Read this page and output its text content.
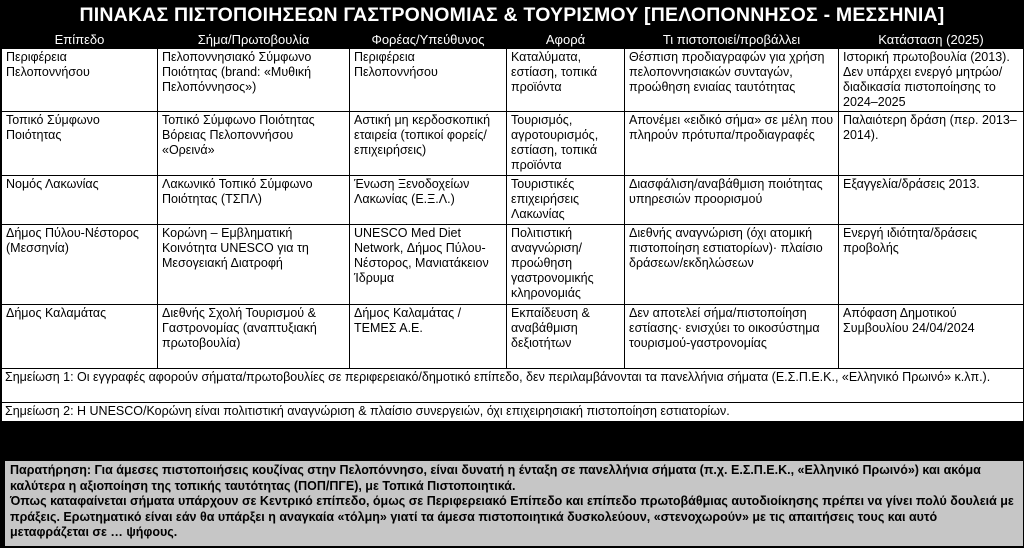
ΠΙΝΑΚΑΣ ΠΙΣΤΟΠΟΙΗΣΕΩΝ ΓΑΣΤΡΟΝΟΜΙΑΣ & ΤΟΥΡΙΣΜΟΥ [ΠΕΛΟΠΟΝΝΗΣΟΣ - ΜΕΣΣΗΝΙΑ]
Επίπεδο	Σήμα/Πρωτοβουλία	Φορέας/Υπεύθυνος	Αφορά	Τι πιστοποιεί/προβάλλει	Κατάσταση (2025)
Περιφέρεια Πελοποννήσου	Πελοποννησιακό Σύμφωνο Ποιότητας (brand: «Μυθική Πελοπόννησος»)	Περιφέρεια Πελοποννήσου	Καταλύματα, εστίαση, τοπικά προϊόντα	Θέσπιση προδιαγραφών για χρήση πελοποννησιακών συνταγών, προώθηση ενιαίας ταυτότητας	Ιστορική πρωτοβουλία (2013). Δεν υπάρχει ενεργό μητρώο/διαδικασία πιστοποίησης το 2024–2025
Τοπικό Σύμφωνο Ποιότητας	Τοπικό Σύμφωνο Ποιότητας Βόρειας Πελοποννήσου «Ορεινά»	Αστική μη κερδοσκοπική εταιρεία (τοπικοί φορείς/επιχειρήσεις)	Τουρισμός, αγροτουρισμός, εστίαση, τοπικά προϊόντα	Απονέμει «ειδικό σήμα» σε μέλη που πληρούν πρότυπα/προδιαγραφές	Παλαιότερη δράση (περ. 2013–2014).
Νομός Λακωνίας	Λακωνικό Τοπικό Σύμφωνο Ποιότητας (ΤΣΠΛ)	Ένωση Ξενοδοχείων Λακωνίας (Ε.Ξ.Λ.)	Τουριστικές επιχειρήσεις Λακωνίας	Διασφάλιση/αναβάθμιση ποιότητας υπηρεσιών προορισμού	Εξαγγελία/δράσεις 2013.
Δήμος Πύλου-Νέστορος (Μεσσηνία)	Κορώνη – Εμβληματική Κοινότητα UNESCO για τη Μεσογειακή Διατροφή	UNESCO Med Diet Network, Δήμος Πύλου-Νέστορος, Μανιατάκειον Ίδρυμα	Πολιτιστική αναγνώριση/προώθηση γαστρονομικής κληρονομιάς	Διεθνής αναγνώριση (όχι ατομική πιστοποίηση εστιατορίων)· πλαίσιο δράσεων/εκδηλώσεων	Ενεργή ιδιότητα/δράσεις προβολής
Δήμος Καλαμάτας	Διεθνής Σχολή Τουρισμού & Γαστρονομίας (αναπτυξιακή πρωτοβουλία)	Δήμος Καλαμάτας / ΤΕΜΕΣ Α.Ε.	Εκπαίδευση & αναβάθμιση δεξιοτήτων	Δεν αποτελεί σήμα/πιστοποίηση εστίασης· ενισχύει το οικοσύστημα τουρισμού-γαστρονομίας	Απόφαση Δημοτικού Συμβουλίου 24/04/2024
Σημείωση 1: Οι εγγραφές αφορούν σήματα/πρωτοβουλίες σε περιφερειακό/δημοτικό επίπεδο, δεν περιλαμβάνονται τα πανελλήνια σήματα (Ε.Σ.Π.Ε.Κ., «Ελληνικό Πρωινό» κ.λπ.).					
Σημείωση 2: Η UNESCO/Κορώνη είναι πολιτιστική αναγνώριση & πλαίσιο συνεργειών, όχι επιχειρησιακή πιστοποίηση εστιατορίων.					

Παρατήρηση: Για άμεσες πιστοποιήσεις κουζίνας στην Πελοπόννησο, είναι δυνατή η ένταξη σε πανελλήνια σήματα (π.χ. Ε.Σ.Π.Ε.Κ., «Ελληνικό Πρωινό») και ακόμα καλύτερα η αξιοποίηση της τοπικής ταυτότητας (ΠΟΠ/ΠΓΕ), με Τοπικά Πιστοποιητικά.

Όπως καταφαίνεται σήματα υπάρχουν σε Κεντρικό επίπεδο, όμως σε Περιφερειακό Επίπεδο και επίπεδο πρωτοβάθμιας αυτοδιοίκησης πρέπει να γίνει πολύ δουλειά με πράξεις. Ερωτηματικό είναι εάν θα υπάρξει η αναγκαία «τόλμη» γιατί τα άμεσα πιστοποιητικά δυσκολεύουν, «στενοχωρούν» με τις απαιτήσεις τους και αυτό μεταφράζεται σε … ψήφους.
